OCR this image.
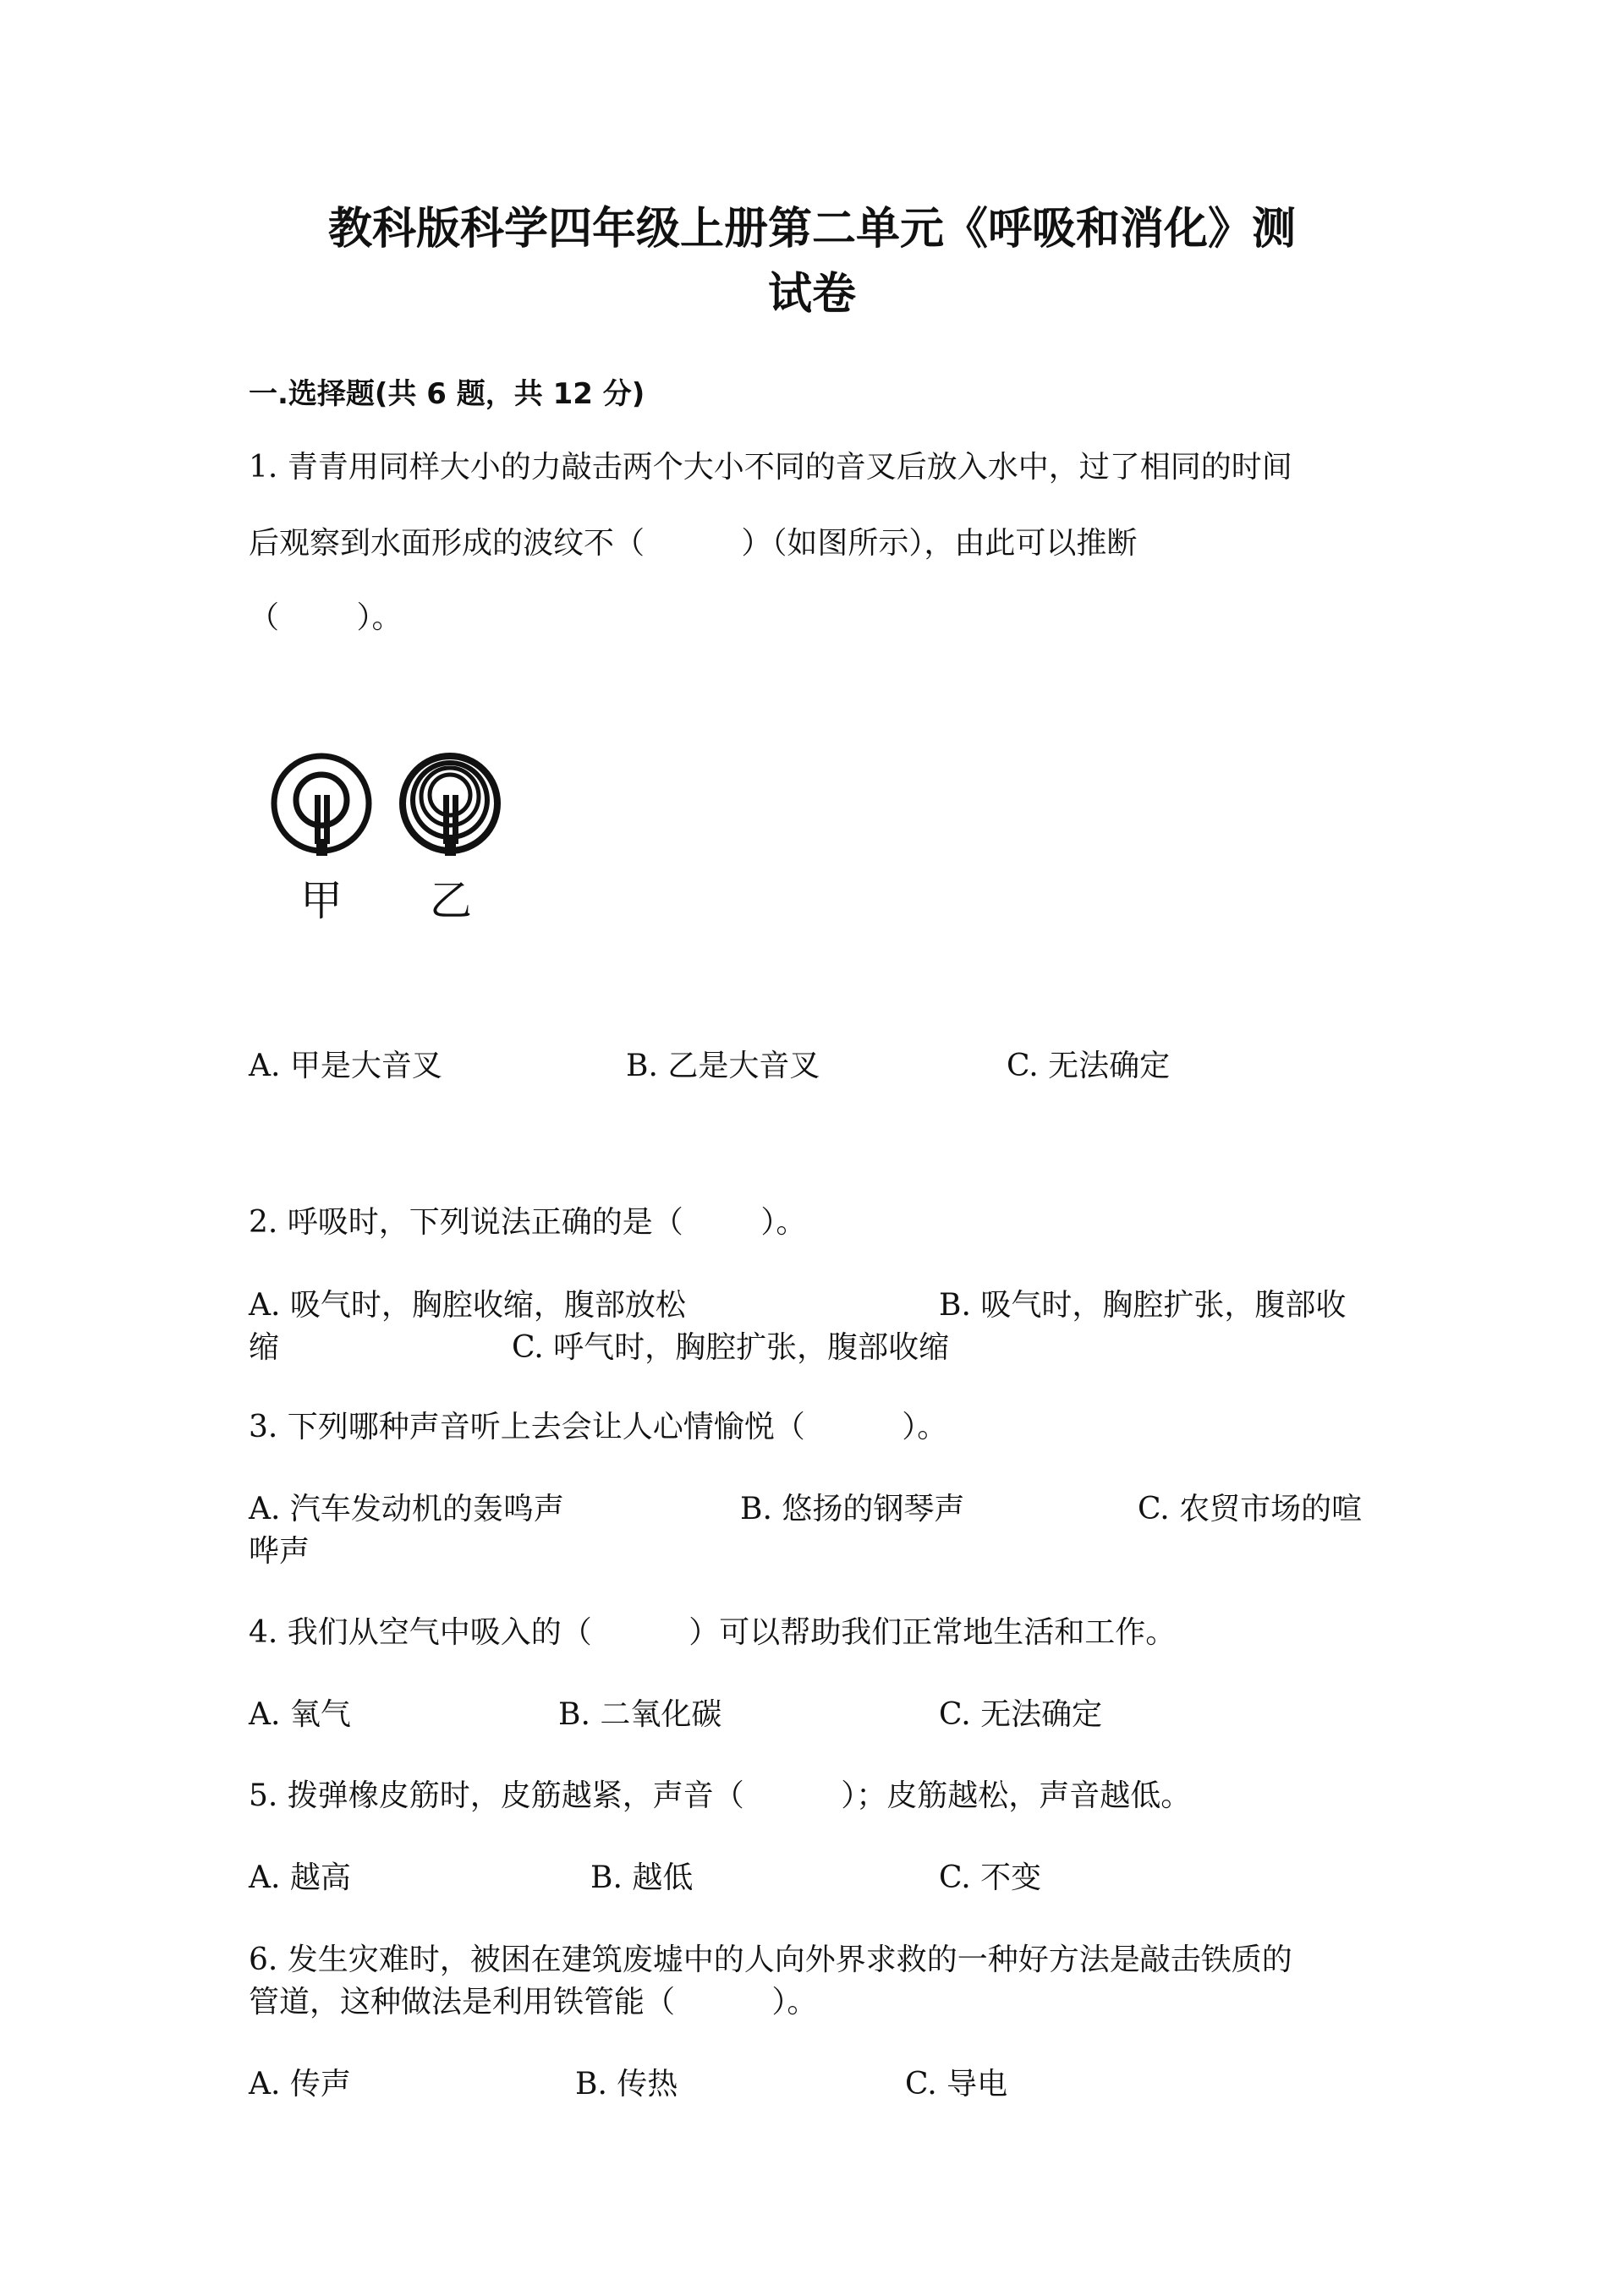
教科版科学四年级上册第二单元《呼吸和消化》测
试卷
一.选择题(共 6 题，共 12 分)
1. 青青用同样大小的力敲击两个大小不同的音叉后放入水中，过了相同的时间
后观察到水面形成的波纹不（          ）（如图所示），由此可以推断
（        ）。
甲 乙
A. 甲是大音叉	B. 乙是大音叉	C. 无法确定
2. 呼吸时，下列说法正确的是（        ）。
A. 吸气时，胸腔收缩，腹部放松	B. 吸气时，胸腔扩张，腹部收
缩	C. 呼气时，胸腔扩张，腹部收缩
3. 下列哪种声音听上去会让人心情愉悦（          ）。
A. 汽车发动机的轰鸣声	B. 悠扬的钢琴声	C. 农贸市场的喧
哗声
4. 我们从空气中吸入的（          ）可以帮助我们正常地生活和工作。
A. 氧气	B. 二氧化碳	C. 无法确定
5. 拨弹橡皮筋时，皮筋越紧，声音（          ）；皮筋越松，声音越低。
A. 越高	B. 越低	C. 不变
6. 发生灾难时，被困在建筑废墟中的人向外界求救的一种好方法是敲击铁质的
管道，这种做法是利用铁管能（          ）。
A. 传声	B. 传热	C. 导电
